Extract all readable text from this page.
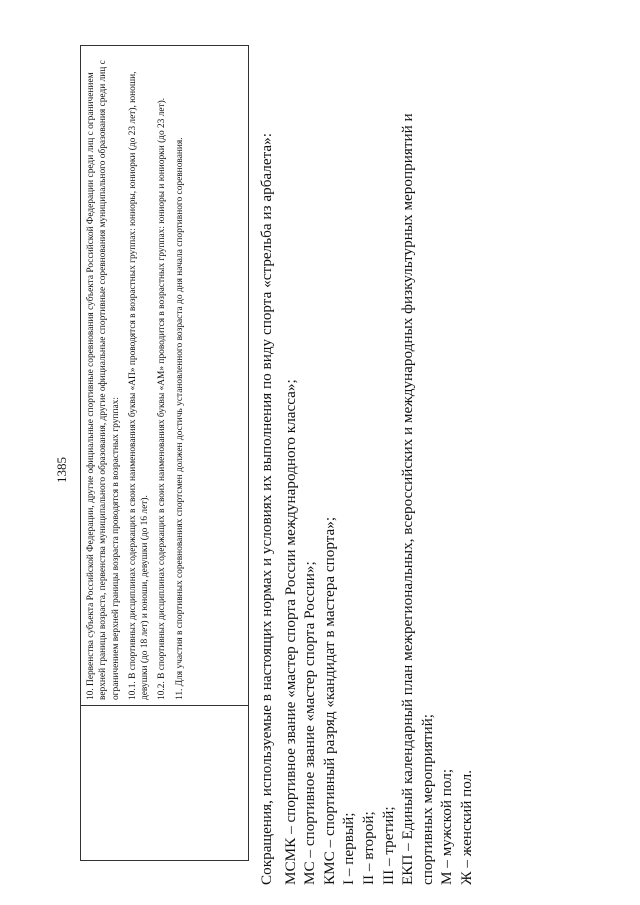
1385 10. Первенства субъекта Российской Федерации, другие официальные спортивные соревнования субъекта Российской Федерации среди лиц с ограничением верхней границы возраста, первенства муниципального образования, другие официальные спортивные соревнования муниципального образования среди лиц с ограничением верхней границы возраста проводятся в возрастных группах: 10.1. В спортивных дисциплинах содержащих в своих наименованиях буквы «АП» проводятся в возрастных группах: юниоры, юниорки (до 23 лет), юноши, девушки (до 18 лет) и юноши, девушки (до 16 лет). 10.2. В спортивных дисциплинах содержащих в своих наименованиях буквы «АМ» проводится в возрастных группах: юниоры и юниорки (до 23 лет). 11. Для участия в спортивных соревнованиях спортсмен должен достичь установленного возраста до дня начала спортивного соревнования.	Сокращения, используемые в настоящих нормах и условиях их выполнения по виду спорта «стрельба из арбалета»: МСМК – спортивное звание «мастер спорта России международного класса»; МС – спортивное звание «мастер спорта России»; КМС – спортивный разряд «кандидат в мастера спорта»; I – первый; II – второй; III – третий; ЕКП – Единый календарный план межрегиональных, всероссийских и международных физкультурных мероприятий и спортивных мероприятий; М – мужской пол; Ж – женский пол.
